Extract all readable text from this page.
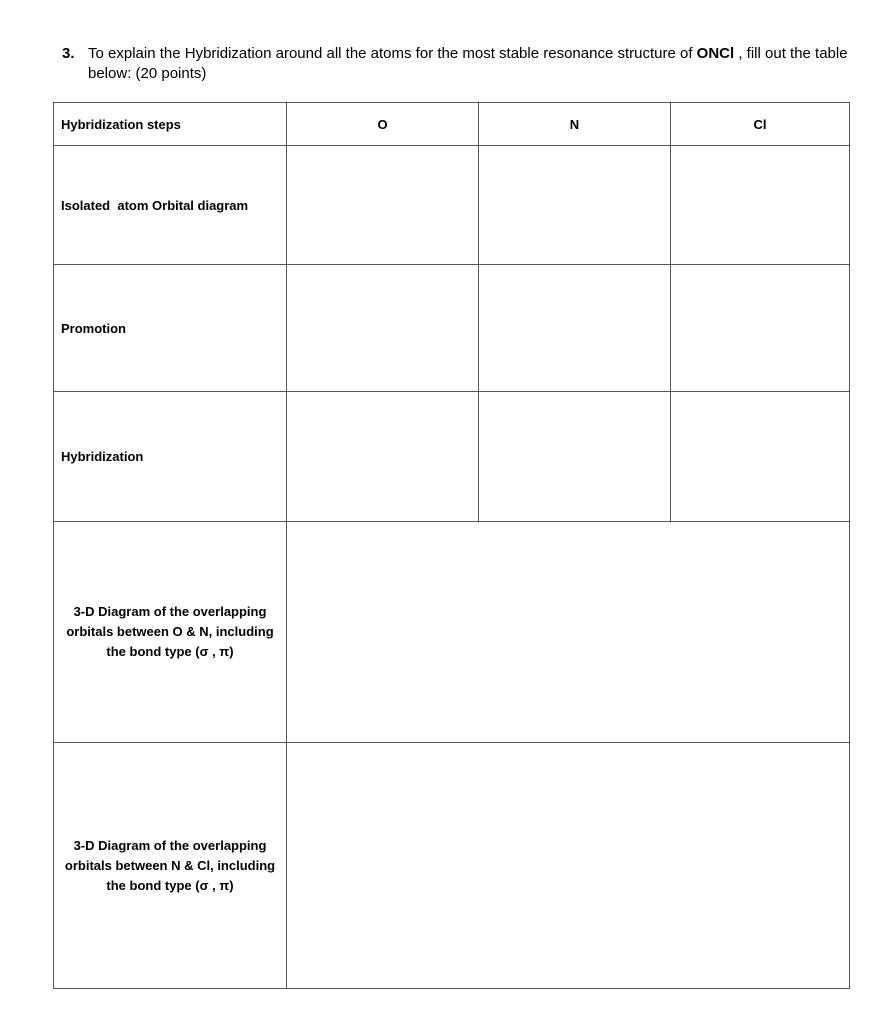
3. To explain the Hybridization around all the atoms for the most stable resonance structure of ONCl , fill out the table below: (20 points)
Hybridization steps	O	N	Cl
Isolated  atom Orbital diagram			
Promotion			
Hybridization			
3-D Diagram of the overlapping orbitals between O & N, including the bond type (σ , π)			
3-D Diagram of the overlapping orbitals between N & Cl, including the bond type (σ , π)			
